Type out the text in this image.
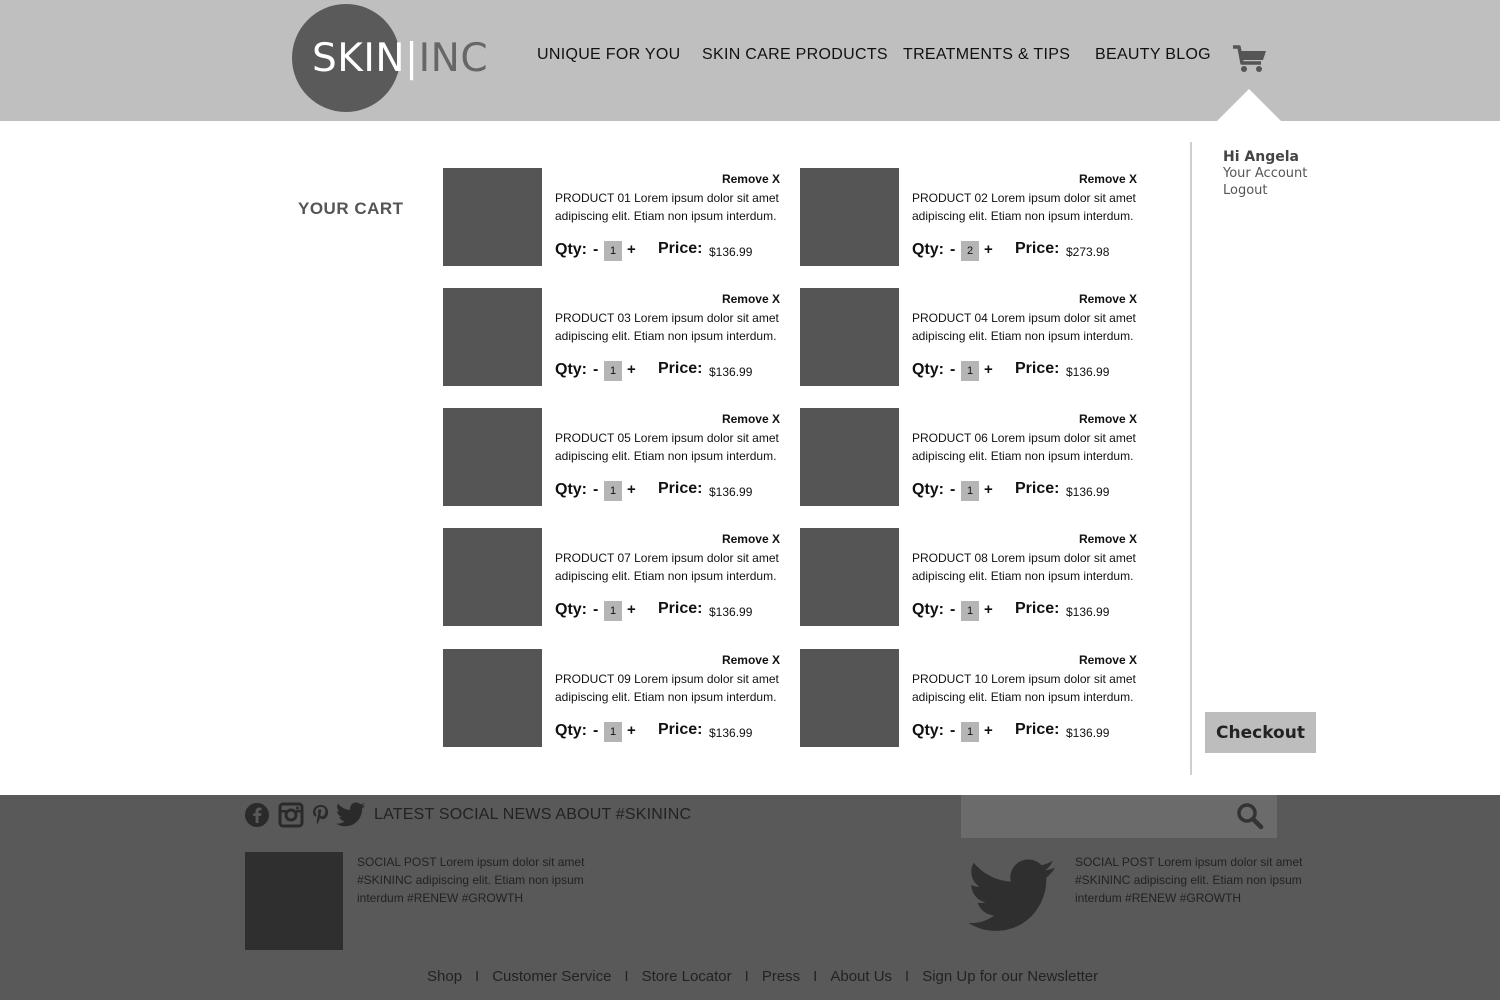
SKIN|INC	UNIQUE FOR YOU SKIN CARE PRODUCTS TREATMENTS & TIPS BEAUTY BLOG
YOUR CART
Remove X
PRODUCT 01 Lorem ipsum dolor sit amet adipiscing elit. Etiam non ipsum interdum.
Qty: -	1 + Price: $136.99
Remove X
PRODUCT 02 Lorem ipsum dolor sit amet adipiscing elit. Etiam non ipsum interdum.
Qty: -	2 + Price: $273.98
Remove X
PRODUCT 03 Lorem ipsum dolor sit amet adipiscing elit. Etiam non ipsum interdum.
Qty: -	1 + Price: $136.99
Remove X
PRODUCT 04 Lorem ipsum dolor sit amet adipiscing elit. Etiam non ipsum interdum.
Qty: -	1 + Price: $136.99
Remove X
PRODUCT 05 Lorem ipsum dolor sit amet adipiscing elit. Etiam non ipsum interdum.
Qty: -	1 + Price: $136.99
Remove X
PRODUCT 06 Lorem ipsum dolor sit amet adipiscing elit. Etiam non ipsum interdum.
Qty: -	1 + Price: $136.99
Remove X
PRODUCT 07 Lorem ipsum dolor sit amet adipiscing elit. Etiam non ipsum interdum.
Qty: -	1 + Price: $136.99
Remove X
PRODUCT 08 Lorem ipsum dolor sit amet adipiscing elit. Etiam non ipsum interdum.
Qty: -	1 + Price: $136.99
Remove X
PRODUCT 09 Lorem ipsum dolor sit amet adipiscing elit. Etiam non ipsum interdum.
Qty: -	1 + Price: $136.99
Remove X
PRODUCT 10 Lorem ipsum dolor sit amet adipiscing elit. Etiam non ipsum interdum.
Qty: -	1 + Price: $136.99
Hi Angela
Your Account
Logout
Checkout
LATEST SOCIAL NEWS ABOUT #SKININC
SOCIAL POST Lorem ipsum dolor sit amet #SKININC adipiscing elit. Etiam non ipsum interdum #RENEW #GROWTH
SOCIAL POST Lorem ipsum dolor sit amet #SKININC adipiscing elit. Etiam non ipsum interdum #RENEW #GROWTH
Shop I Customer Service I Store Locator I Press I About Us I Sign Up for our Newsletter
